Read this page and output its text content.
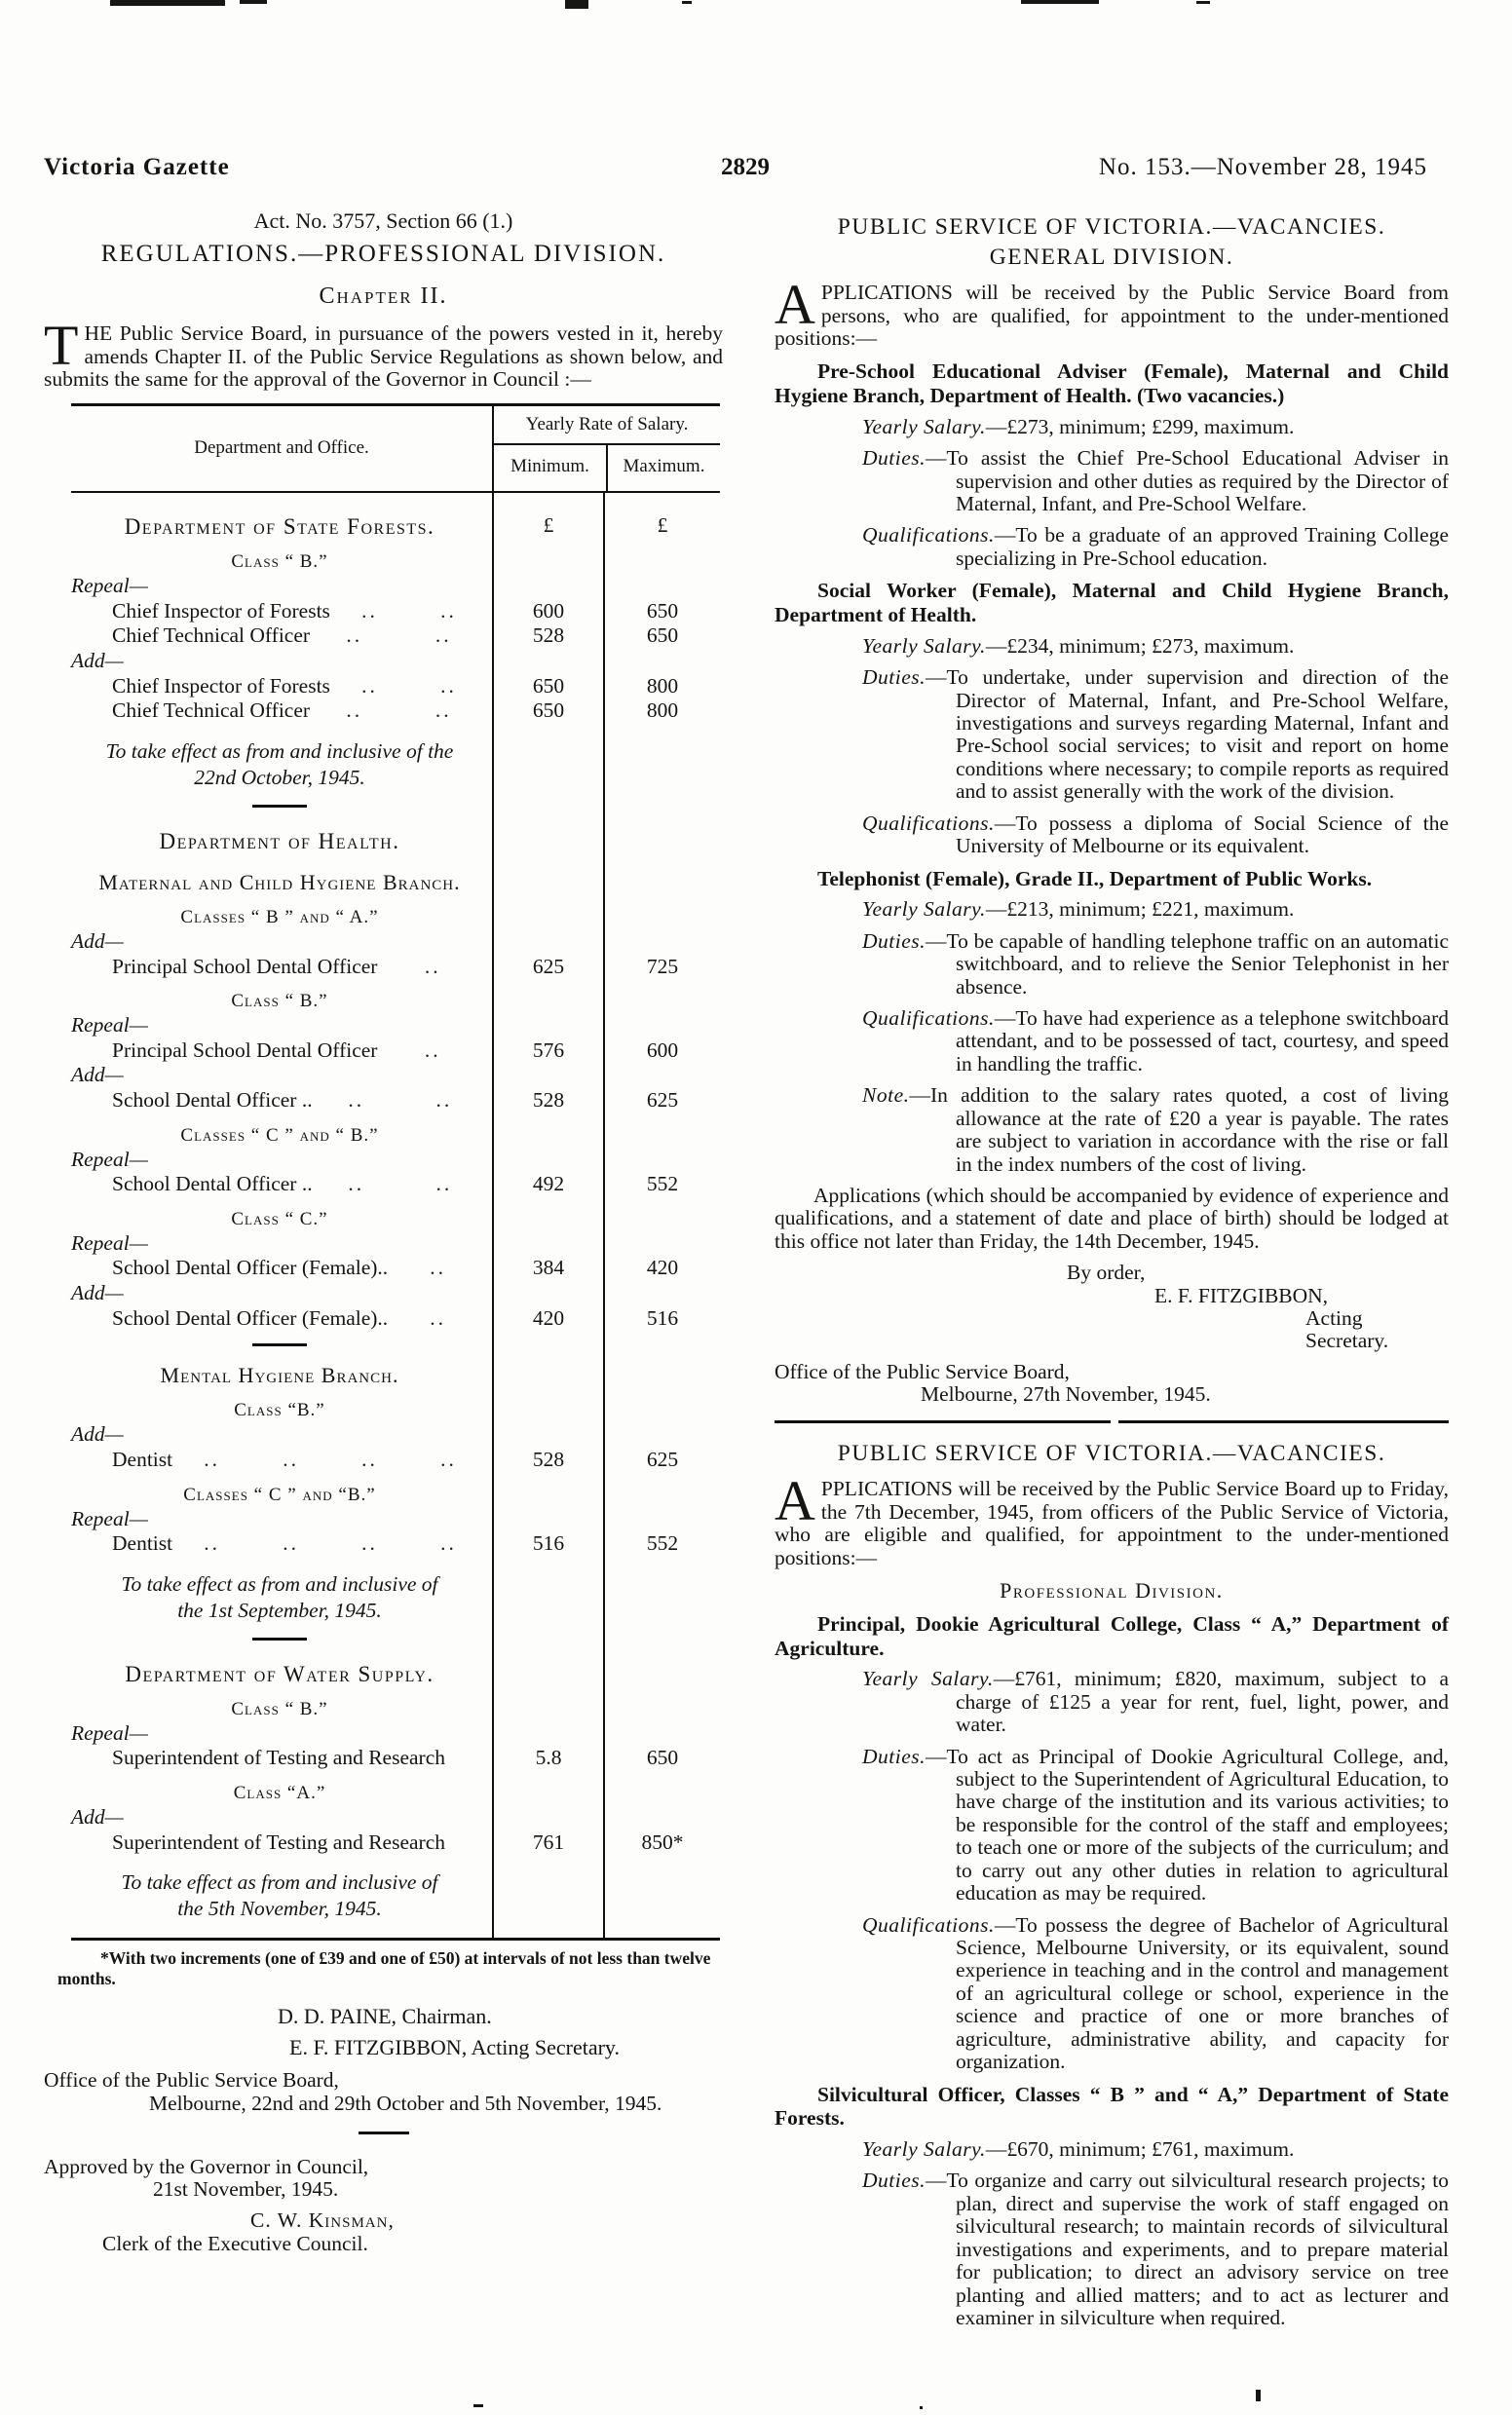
Victoria Gazette	2829	No. 153.—November 28, 1945
Act. No. 3757, Section 66 (1.)
REGULATIONS.—PROFESSIONAL DIVISION.
Chapter II.

THE Public Service Board, in pursuance of the powers vested in it, hereby amends Chapter II. of the Public Service Regulations as shown below, and submits the same for the approval of the Governor in Council :—

Department and Office.
Yearly Rate of Salary.
Minimum.	Maximum.
Department of State Forests.	£	£
Class “ B.”
Repeal—
Chief Inspector of Forests	..	..	600	650
Chief Technical Officer	..	..	528	650
Add—
Chief Inspector of Forests	..	..	650	800
Chief Technical Officer	..	..	650	800
To take effect as from and inclusive of the
22nd October, 1945.
Department of Health.
Maternal and Child Hygiene Branch.
Classes “ B ” and “ A.”
Add—
Principal School Dental Officer	..	625	725
Class “ B.”
Repeal—
Principal School Dental Officer	..	576	600
Add—
School Dental Officer ..	..	..	528	625
Classes “ C ” and “ B.”
Repeal—
School Dental Officer ..	..	..	492	552
Class “ C.”
Repeal—
School Dental Officer (Female)..	..	384	420
Add—
School Dental Officer (Female)..	..	420	516
Mental Hygiene Branch.
Class “B.”
Add—
Dentist	..	..	..	..	528	625
Classes “ C ” and “B.”
Repeal—
Dentist	..	..	..	..	516	552
To take effect as from and inclusive of
the 1st September, 1945.
Department of Water Supply.
Class “ B.”
Repeal—
Superintendent of Testing and Research	5.8	650
Class “A.”
Add—
Superintendent of Testing and Research	761	850*
To take effect as from and inclusive of
the 5th November, 1945.

*With two increments (one of £39 and one of £50) at intervals of not less than twelve months.

D. D. PAINE, Chairman.
E. F. FITZGIBBON, Acting Secretary.
Office of the Public Service Board,
Melbourne, 22nd and 29th October and 5th November, 1945.
Approved by the Governor in Council,
21st November, 1945.
C. W. Kinsman,
Clerk of the Executive Council.
PUBLIC SERVICE OF VICTORIA.—VACANCIES.
GENERAL DIVISION.

APPLICATIONS will be received by the Public Service Board from persons, who are qualified, for appointment to the under-mentioned positions:—

Pre-School Educational Adviser (Female), Maternal and Child Hygiene Branch, Department of Health. (Two vacancies.)

Yearly Salary.—£273, minimum; £299, maximum.

Duties.—To assist the Chief Pre-School Educational Adviser in supervision and other duties as required by the Director of Maternal, Infant, and Pre-School Welfare.

Qualifications.—To be a graduate of an approved Training College specializing in Pre-School education.

Social Worker (Female), Maternal and Child Hygiene Branch, Department of Health.

Yearly Salary.—£234, minimum; £273, maximum.

Duties.—To undertake, under supervision and direction of the Director of Maternal, Infant, and Pre-School Welfare, investigations and surveys regarding Maternal, Infant and Pre-School social services; to visit and report on home conditions where necessary; to compile reports as required and to assist generally with the work of the division.

Qualifications.—To possess a diploma of Social Science of the University of Melbourne or its equivalent.

Telephonist (Female), Grade II., Department of Public Works.

Yearly Salary.—£213, minimum; £221, maximum.

Duties.—To be capable of handling telephone traffic on an automatic switchboard, and to relieve the Senior Telephonist in her absence.

Qualifications.—To have had experience as a telephone switchboard attendant, and to be possessed of tact, courtesy, and speed in handling the traffic.

Note.—In addition to the salary rates quoted, a cost of living allowance at the rate of £20 a year is payable. The rates are subject to variation in accordance with the rise or fall in the index numbers of the cost of living.

Applications (which should be accompanied by evidence of experience and qualifications, and a statement of date and place of birth) should be lodged at this office not later than Friday, the 14th December, 1945.

By order,
E. F. FITZGIBBON,
Acting Secretary.
Office of the Public Service Board,
Melbourne, 27th November, 1945.
PUBLIC SERVICE OF VICTORIA.—VACANCIES.

APPLICATIONS will be received by the Public Service Board up to Friday, the 7th December, 1945, from officers of the Public Service of Victoria, who are eligible and qualified, for appointment to the under-mentioned positions:—

Professional Division.

Principal, Dookie Agricultural College, Class “ A,” Department of Agriculture.

Yearly Salary.—£761, minimum; £820, maximum, subject to a charge of £125 a year for rent, fuel, light, power, and water.

Duties.—To act as Principal of Dookie Agricultural College, and, subject to the Superintendent of Agricultural Education, to have charge of the institution and its various activities; to be responsible for the control of the staff and employees; to teach one or more of the subjects of the curriculum; and to carry out any other duties in relation to agricultural education as may be required.

Qualifications.—To possess the degree of Bachelor of Agricultural Science, Melbourne University, or its equivalent, sound experience in teaching and in the control and management of an agricultural college or school, experience in the science and practice of one or more branches of agriculture, administrative ability, and capacity for organization.

Silvicultural Officer, Classes “ B ” and “ A,” Department of State Forests.

Yearly Salary.—£670, minimum; £761, maximum.

Duties.—To organize and carry out silvicultural research projects; to plan, direct and supervise the work of staff engaged on silvicultural research; to maintain records of silvicultural investigations and experiments, and to prepare material for publication; to direct an advisory service on tree planting and allied matters; and to act as lecturer and examiner in silviculture when required.
